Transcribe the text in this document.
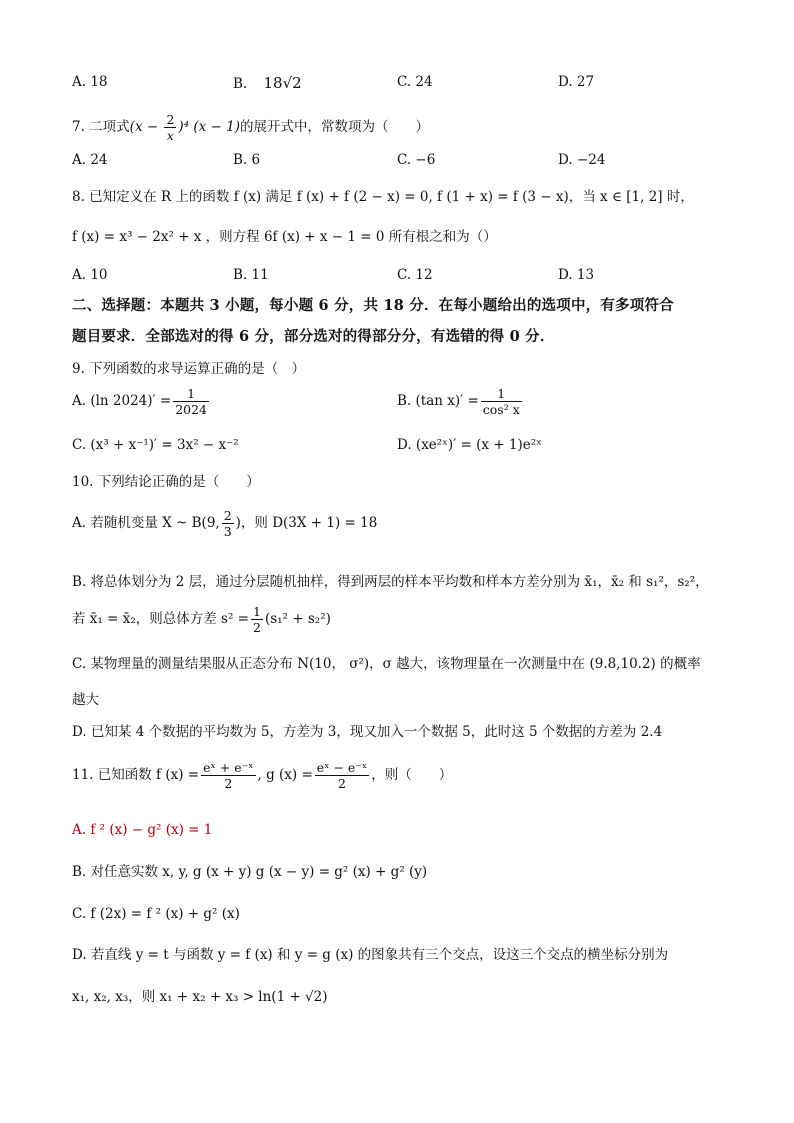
A. 18	B. 18√2	C. 24	D. 27
7. 二项式$(x - \frac{2}{x} )^4$ (x − 1)的展开式中，常数项为（　　）
A. 24	B. 6	C. −6	D. −24
8. 已知定义在 R 上的函数 f (x) 满足 f (x) + f (2 − x) = 0, f (1 + x) = f (3 − x)，当 x ∈ [1, 2] 时，
f (x) = x³ − 2x² + x ，则方程 6f (x) + x − 1 = 0 所有根之和为（）
A. 10	B. 11	C. 12	D. 13
二、选择题：本题共 3 小题，每小题 6 分，共 18 分．在每小题给出的选项中，有多项符合
题目要求．全部选对的得 6 分，部分选对的得部分分，有选错的得 0 分．
9. 下列函数的求导运算正确的是（　）
A. (ln $2024)' = \frac{1}{2024}$	B. (tan $x)' = \frac{1}{\text{cos² x}}$
C. (x³ + x⁻¹)′ = 3x² − x⁻²	D. (xe²ˣ)′ = (x + 1)e²ˣ
10. 下列结论正确的是（　　）
A. 若随机变量 X ~ B(9, $\frac{2}{3}$ )，则 D(3X + 1) = 18
B. 将总体划分为 2 层，通过分层随机抽样，得到两层的样本平均数和样本方差分别为 x̄₁，x̄₂ 和 s₁²，s₂²，
若 x̄₁ = x̄₂，则总体方差 $s^2 = \frac{1}{2} (s_1^2 + s_2^2)$
C. 某物理量的测量结果服从正态分布 N(10， σ²)，σ 越大，该物理量在一次测量中在 (9.8,10.2) 的概率
越大
D. 已知某 4 个数据的平均数为 5，方差为 3，现又加入一个数据 5，此时这 5 个数据的方差为 2.4
11. 已知函数 f $(x) = \frac{\text{eˣ + e⁻ˣ}}{2}$ , g $(x) = \frac{\text{eˣ − e⁻ˣ}}{2}$ ，则（　　）
A. f ² (x) − g² (x) = 1
B. 对任意实数 x, y, g (x + y) g (x − y) = g² (x) + g² (y)
C. f (2x) = f ² (x) + g² (x)
D. 若直线 y = t 与函数 y = f (x) 和 y = g (x) 的图象共有三个交点，设这三个交点的横坐标分别为
x₁, x₂, x₃，则 x₁ + x₂ + x₃ > ln(1 + √2)
